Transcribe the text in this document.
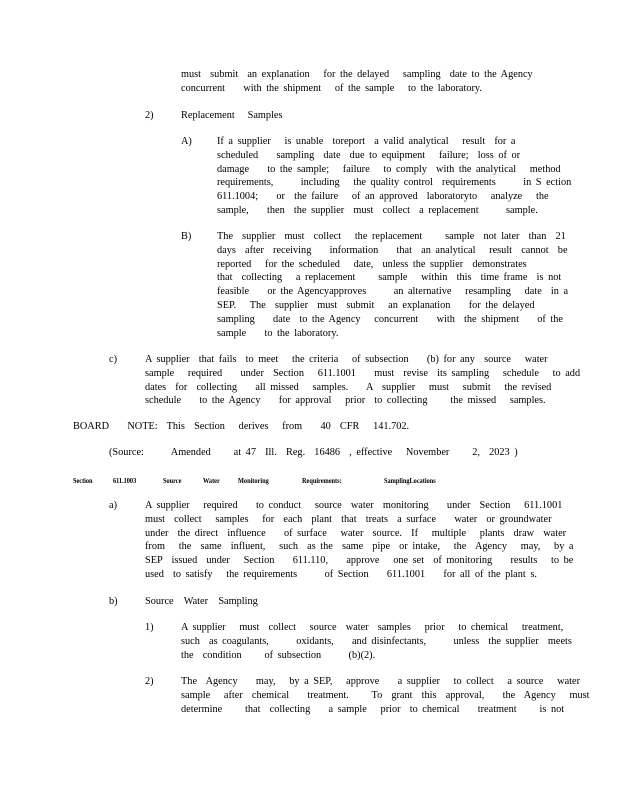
must  submit  an explanation   for the delayed   sampling  date to the Agency
concurrent    with the shipment   of the sample   to the laboratory.
2)	Replacement     Samples
A) If a supplier   is unable  toreport  a valid analytical   result  for a
scheduled    sampling  date  due to equipment   failure;  loss of or
damage    to the sample;   failure   to comply  with the analytical   method
requirements,      including   the quality control  requirements      in S ection
611.1004;    or  the failure   of an approved  laboratoryto   analyze   the
sample,    then  the supplier  must  collect  a replacement      sample.
B) The  supplier  must  collect   the replacement     sample  not later  than  21
days  after  receiving    information    that  an analytical   result  cannot  be
reported   for the scheduled   date,  unless the supplier  demonstrates
that  collecting   a replacement     sample   within  this  time frame  is not
feasible    or the Agencyapproves      an alternative   resampling   date  in a
SEP.   The  supplier  must  submit   an explanation    for the delayed
sampling    date  to the Agency   concurrent    with  the shipment    of the
sample    to the laboratory.
c)	A supplier  that fails  to meet   the criteria   of subsection    (b) for any  source   water
sample   required    under  Section   611.1001    must  revise  its sampling   schedule   to add
dates  for  collecting    all missed   samples.    A  supplier   must   submit   the revised
schedule    to the Agency    for approval   prior  to collecting     the missed   samples.
BOARD    NOTE:  This  Section   derives   from    40  CFR   141.702.
(Source:      Amended     at 47  Ill.  Reg.  16486  , effective   November     2,  2023 )
Section	611.1003	Source	Water Monitoring	Requirements:	SamplingLocations
a)	A supplier   required    to conduct   source  water  monitoring    under  Section   611.1001
must  collect   samples   for  each  plant  that  treats  a surface    water  or groundwater
under  the direct  influence    of surface   water  source.  If   multiple   plants  draw  water
from   the  same  influent,   such  as the  same  pipe  or intake,   the  Agency   may,   by a
SEP  issued  under   Section    611.110,    approve   one set  of monitoring    results   to be
used  to satisfy   the requirements      of Section    611.1001    for all of the plant s.
b)	Source    Water    Sampling
1)	A supplier   must  collect   source  water  samples   prior   to chemical   treatment,
such  as coagulants,      oxidants,    and disinfectants,      unless  the supplier  meets
the  condition     of subsection      (b)(2).
2)	The  Agency    may,   by a SEP,   approve    a supplier   to collect   a source   water
sample   after  chemical    treatment.     To  grant  this  approval,    the  Agency   must
determine     that  collecting    a sample   prior  to chemical    treatment     is not
